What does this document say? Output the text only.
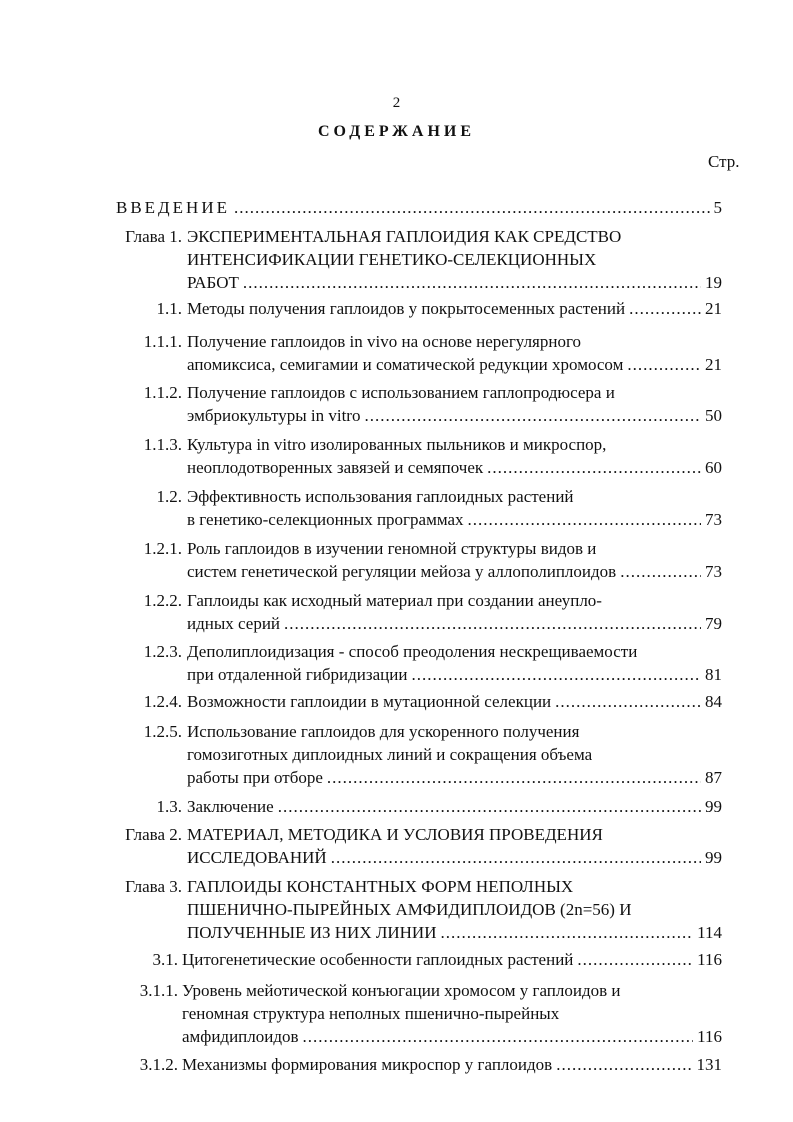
2
СОДЕРЖАНИЕ
Стр.
ВВЕДЕНИЕ .....	5
Глава 1. ЭКСПЕРИМЕНТАЛЬНАЯ ГАПЛОИДИЯ КАК СРЕДСТВО
ИНТЕНСИФИКАЦИИ ГЕНЕТИКО-СЕЛЕКЦИОННЫХ
РАБОТ .....	19
1.1. Методы получения гаплоидов у покрытосеменных растений .....	21
1.1.1. Получение гаплоидов in vivo на основе нерегулярного
апомиксиса, семигамии и соматической редукции хромосом .....	21
1.1.2. Получение гаплоидов с использованием гаплопродюсера и
эмбриокультуры in vitro .....	50
1.1.3. Культура in vitro изолированных пыльников и микроспор,
неоплодотворенных завязей и семяпочек .....	60
1.2. Эффективность использования гаплоидных растений
в генетико-селекционных программах .....	73
1.2.1. Роль гаплоидов в изучении геномной структуры видов и
систем генетической регуляции мейоза у аллополиплоидов .....	73
1.2.2. Гаплоиды как исходный материал при создании анеупло-
идных серий .....	79
1.2.3. Деполиплоидизация - способ преодоления нескрещиваемости
при отдаленной гибридизации .....	81
1.2.4. Возможности гаплоидии в мутационной селекции .....	84
1.2.5. Использование гаплоидов для ускоренного получения
гомозиготных диплоидных линий и сокращения объема
работы при отборе .....	87
1.3. Заключение .....	99
Глава 2. МАТЕРИАЛ, МЕТОДИКА И УСЛОВИЯ ПРОВЕДЕНИЯ
ИССЛЕДОВАНИЙ .....	99
Глава 3. ГАПЛОИДЫ КОНСТАНТНЫХ ФОРМ НЕПОЛНЫХ
ПШЕНИЧНО-ПЫРЕЙНЫХ АМФИДИПЛОИДОВ (2n=56) И
ПОЛУЧЕННЫЕ ИЗ НИХ ЛИНИИ .....	114
3.1. Цитогенетические особенности гаплоидных растений .....	116
3.1.1. Уровень мейотической конъюгации хромосом у гаплоидов и
геномная структура неполных пшенично-пырейных
амфидиплоидов .....	116
3.1.2. Механизмы формирования микроспор у гаплоидов .....	131
